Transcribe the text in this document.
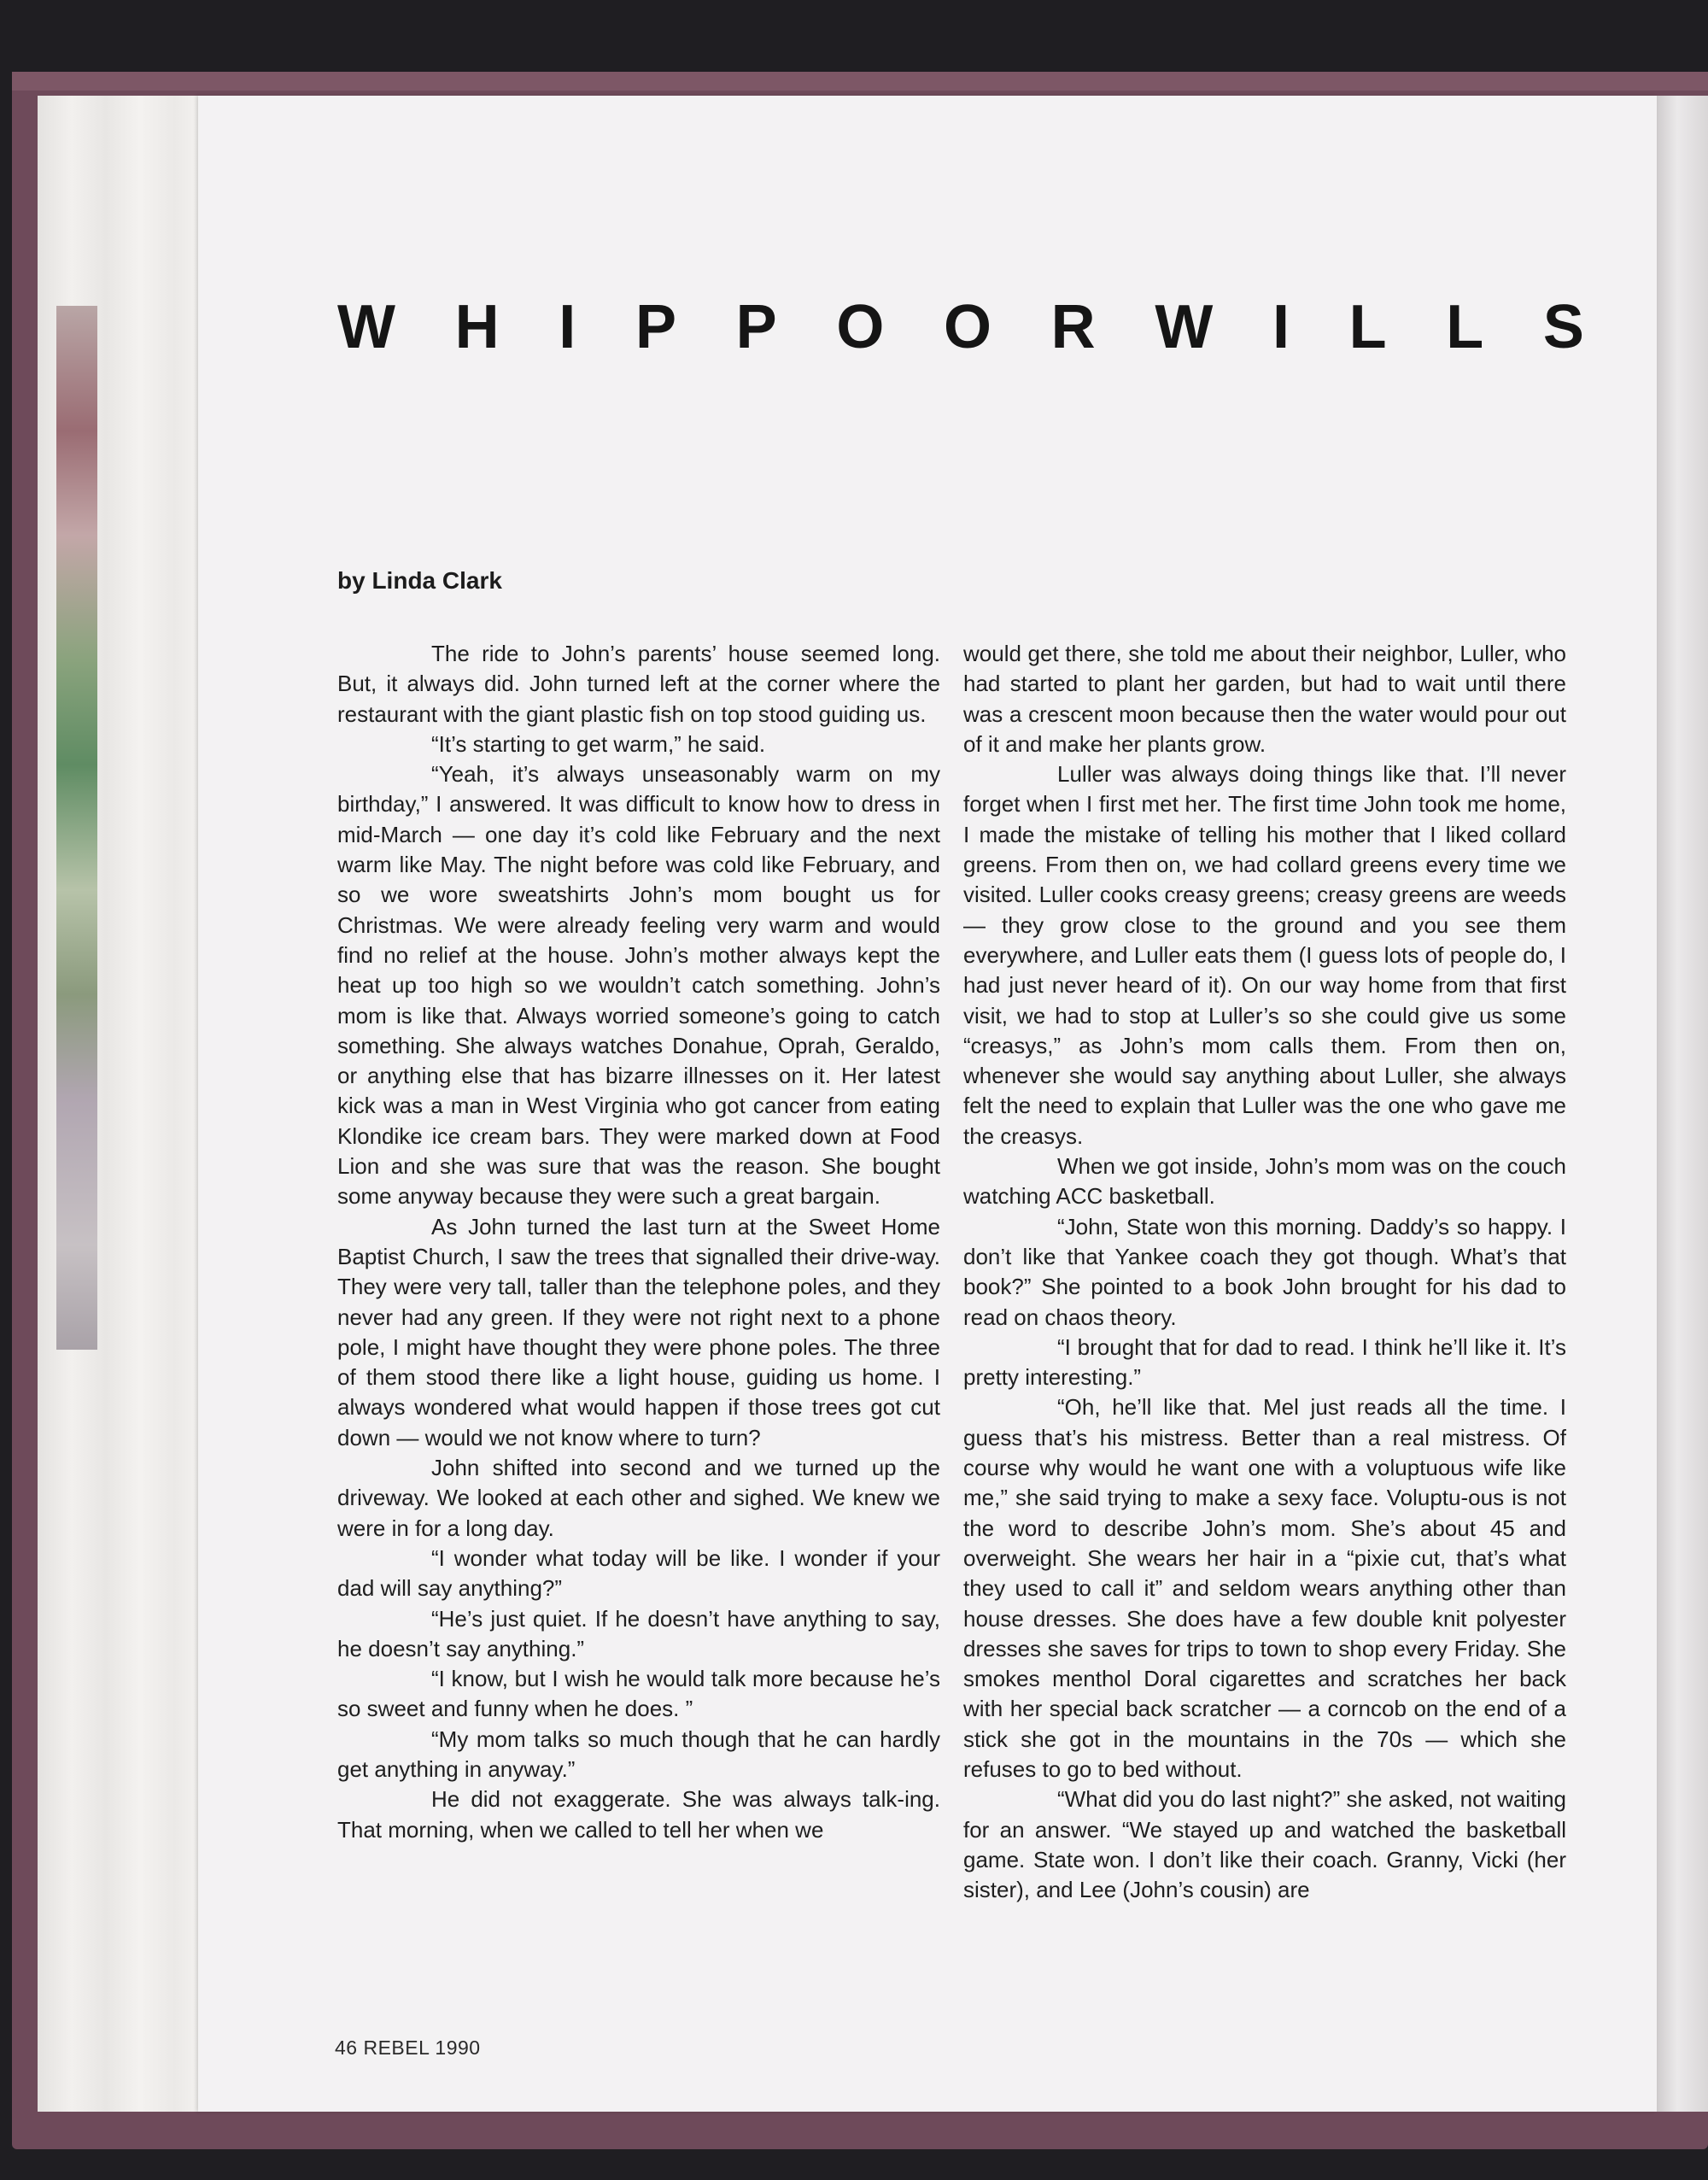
W H I P P O O R W I L L S
by Linda Clark

The ride to John’s parents’ house seemed long. But, it always did. John turned left at the corner where the restaurant with the giant plastic fish on top stood guiding us.

“It’s starting to get warm,” he said.

“Yeah, it’s always unseasonably warm on my birthday,” I answered. It was difficult to know how to dress in mid-March — one day it’s cold like February and the next warm like May. The night before was cold like February, and so we wore sweatshirts John’s mom bought us for Christmas. We were already feeling very warm and would find no relief at the house. John’s mother always kept the heat up too high so we wouldn’t catch something. John’s mom is like that. Always worried someone’s going to catch something. She always watches Donahue, Oprah, Geraldo, or anything else that has bizarre illnesses on it. Her latest kick was a man in West Virginia who got cancer from eating Klondike ice cream bars. They were marked down at Food Lion and she was sure that was the reason. She bought some anyway because they were such a great bargain.

As John turned the last turn at the Sweet Home Baptist Church, I saw the trees that signalled their drive-way. They were very tall, taller than the telephone poles, and they never had any green. If they were not right next to a phone pole, I might have thought they were phone poles. The three of them stood there like a light house, guiding us home. I always wondered what would happen if those trees got cut down — would we not know where to turn?

John shifted into second and we turned up the driveway. We looked at each other and sighed. We knew we were in for a long day.

“I wonder what today will be like. I wonder if your dad will say anything?”

“He’s just quiet. If he doesn’t have anything to say, he doesn’t say anything.”

“I know, but I wish he would talk more because he’s so sweet and funny when he does. ”

“My mom talks so much though that he can hardly get anything in anyway.”

He did not exaggerate. She was always talk-ing. That morning, when we called to tell her when we

would get there, she told me about their neighbor, Luller, who had started to plant her garden, but had to wait until there was a crescent moon because then the water would pour out of it and make her plants grow.

Luller was always doing things like that. I’ll never forget when I first met her. The first time John took me home, I made the mistake of telling his mother that I liked collard greens. From then on, we had collard greens every time we visited. Luller cooks creasy greens; creasy greens are weeds — they grow close to the ground and you see them everywhere, and Luller eats them (I guess lots of people do, I had just never heard of it). On our way home from that first visit, we had to stop at Luller’s so she could give us some “creasys,” as John’s mom calls them. From then on, whenever she would say anything about Luller, she always felt the need to explain that Luller was the one who gave me the creasys.

When we got inside, John’s mom was on the couch watching ACC basketball.

“John, State won this morning. Daddy’s so happy. I don’t like that Yankee coach they got though. What’s that book?” She pointed to a book John brought for his dad to read on chaos theory.

“I brought that for dad to read. I think he’ll like it. It’s pretty interesting.”

“Oh, he’ll like that. Mel just reads all the time. I guess that’s his mistress. Better than a real mistress. Of course why would he want one with a voluptuous wife like me,” she said trying to make a sexy face. Voluptu-ous is not the word to describe John’s mom. She’s about 45 and overweight. She wears her hair in a “pixie cut, that’s what they used to call it” and seldom wears anything other than house dresses. She does have a few double knit polyester dresses she saves for trips to town to shop every Friday. She smokes menthol Doral cigarettes and scratches her back with her special back scratcher — a corncob on the end of a stick she got in the mountains in the 70s — which she refuses to go to bed without.

“What did you do last night?” she asked, not waiting for an answer. “We stayed up and watched the basketball game. State won. I don’t like their coach. Granny, Vicki (her sister), and Lee (John’s cousin) are

46 REBEL 1990
